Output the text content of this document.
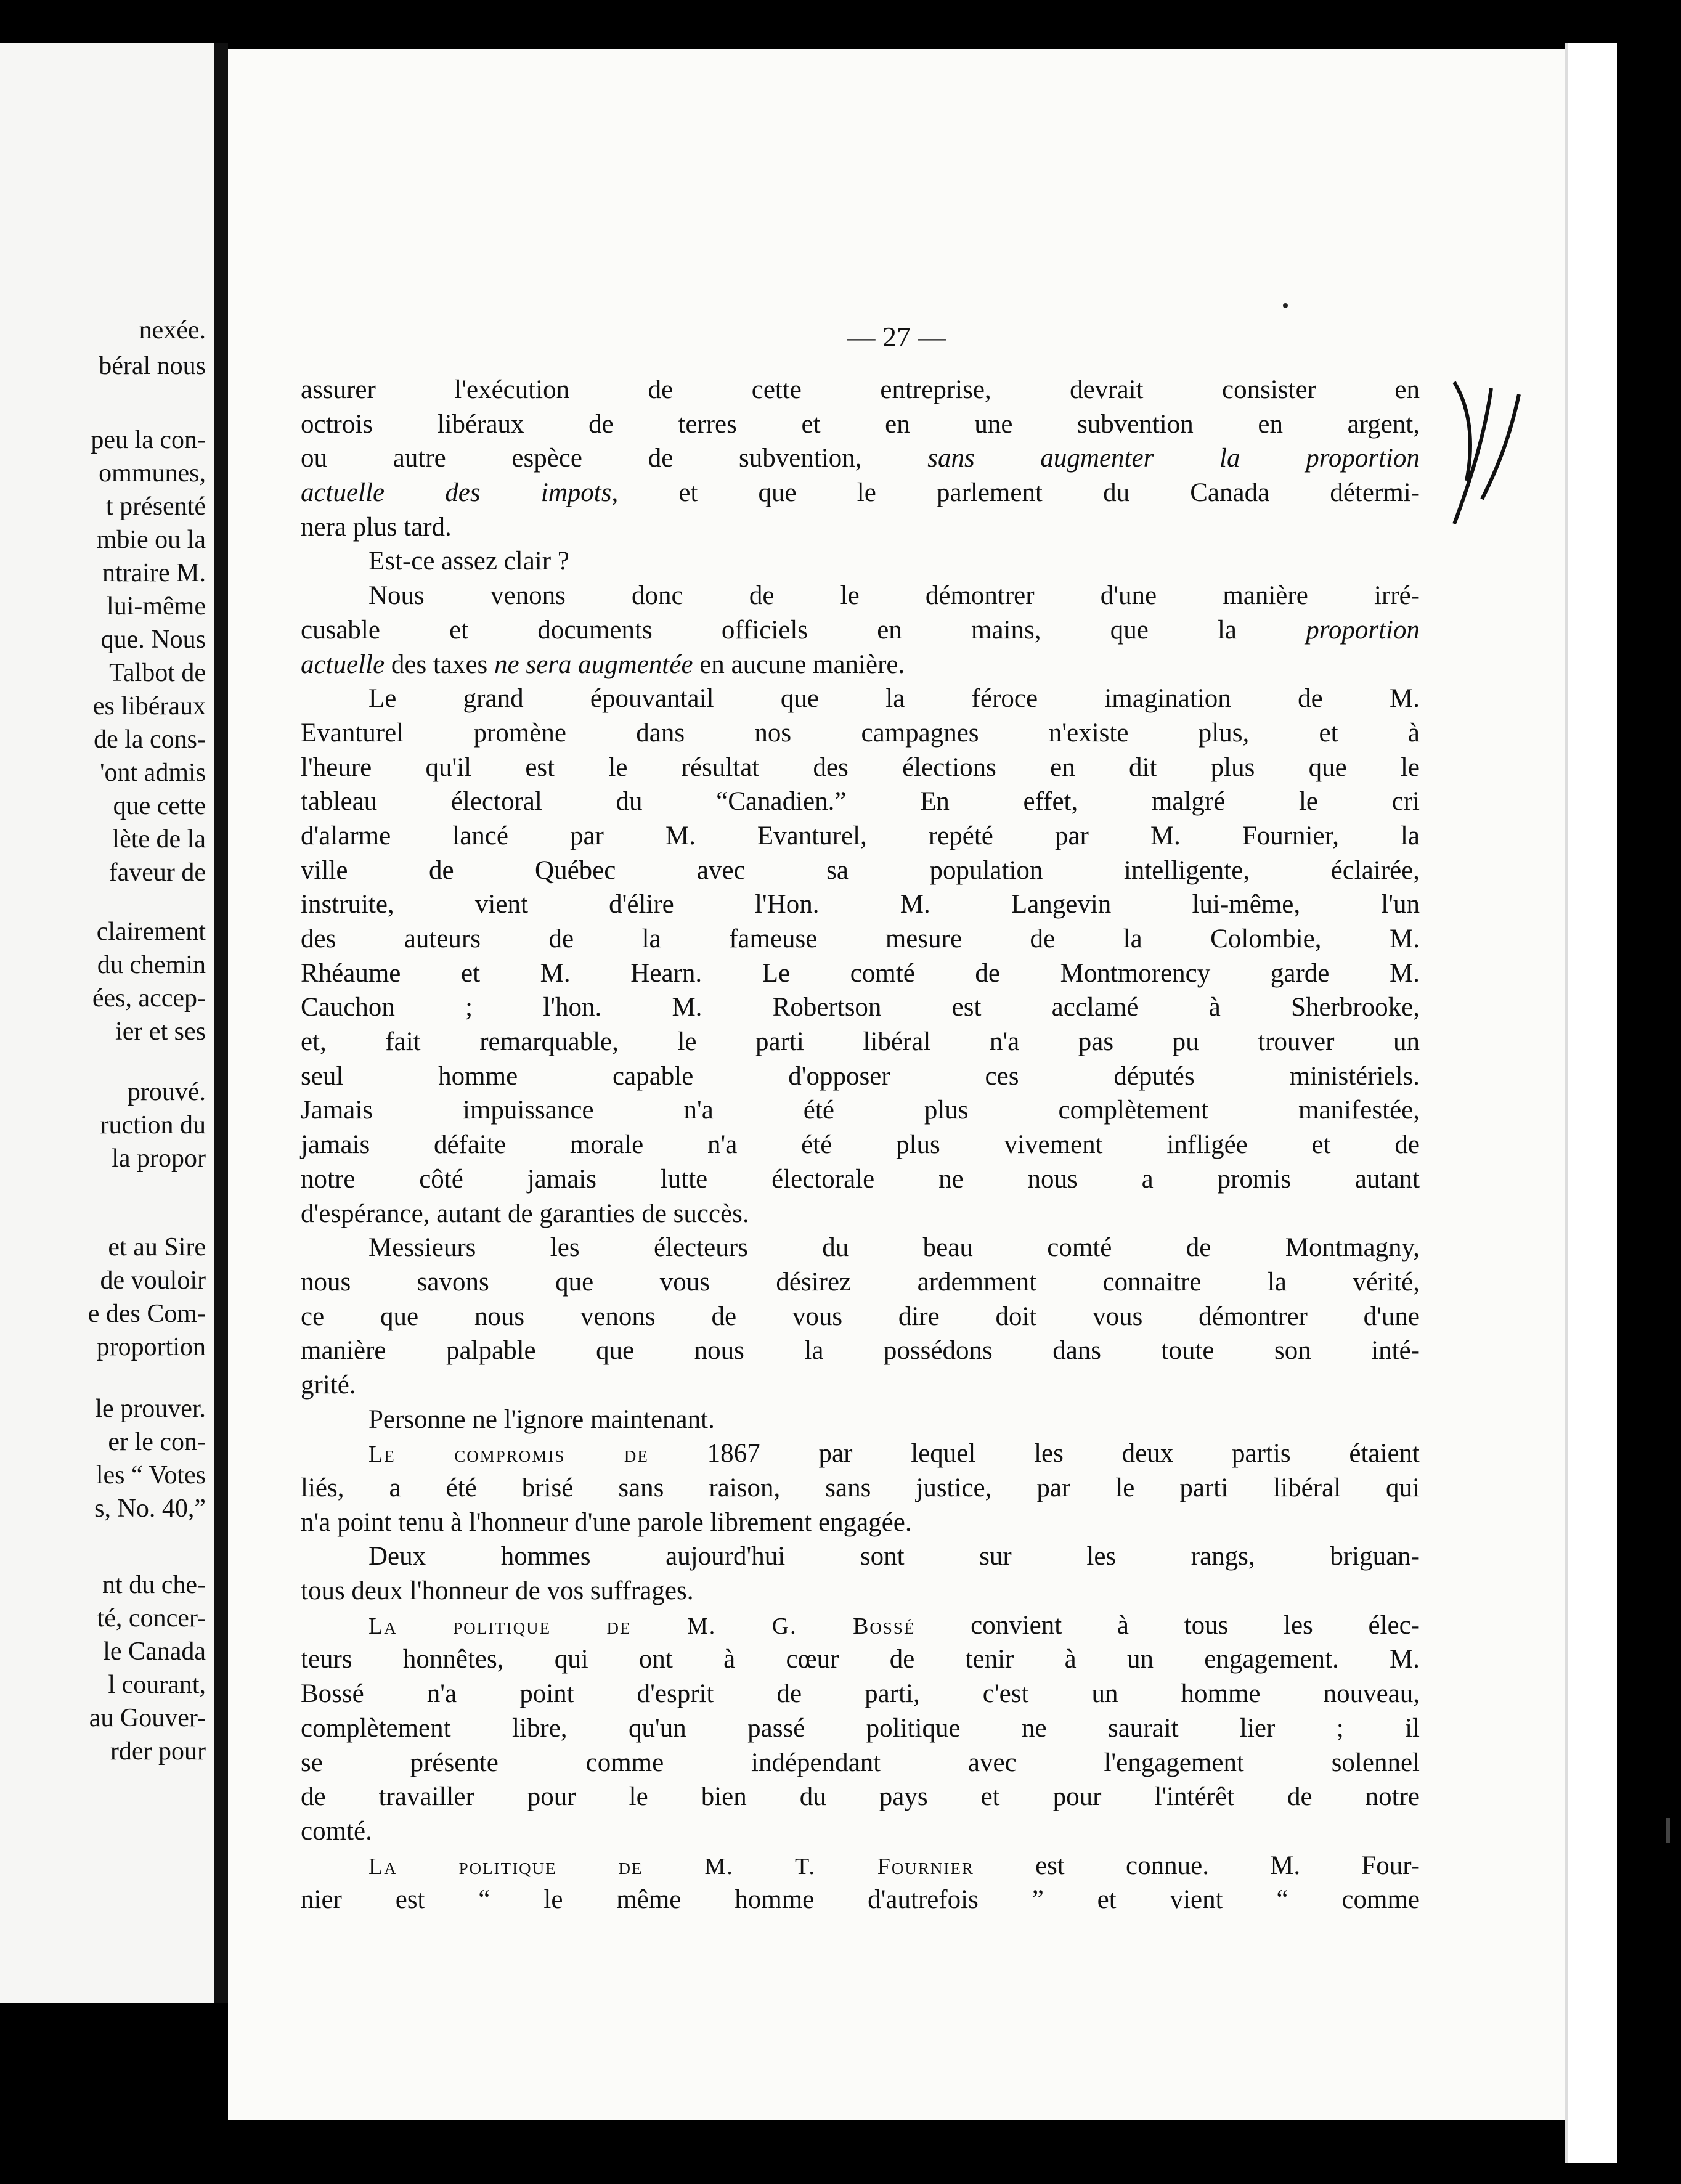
nexée.
béral nous
peu la con-
ommunes,
t présenté
mbie ou la
ntraire M.
lui-même
que. Nous
Talbot de
es libéraux
de la cons-
'ont admis
que cette
lète de la
faveur de
clairement
du chemin
ées, accep-
ier et ses
prouvé.
ruction du
la propor
et au Sire
de vouloir
e des Com-
proportion
le prouver.
er le con-
les “ Votes
s, No. 40,”
nt du che-
té, concer-
le Canada
l courant,
au Gouver-
rder pour
— 27 —
assurer l'exécution de cette entreprise, devrait consister en
octrois libéraux de terres et en une subvention en argent,
ou autre espèce de subvention, sans augmenter la proportion
actuelle des impots, et que le parlement du Canada détermi-
nera plus tard.
Est-ce assez clair ?
Nous venons donc de le démontrer d'une manière irré-
cusable et documents officiels en mains, que la proportion
actuelle des taxes ne sera augmentée en aucune manière.
Le grand épouvantail que la féroce imagination de M.
Evanturel promène dans nos campagnes n'existe plus, et à
l'heure qu'il est le résultat des élections en dit plus que le
tableau électoral du “Canadien.” En effet, malgré le cri
d'alarme lancé par M. Evanturel, repété par M. Fournier, la
ville de Québec avec sa population intelligente, éclairée,
instruite, vient d'élire l'Hon. M. Langevin lui-même, l'un
des auteurs de la fameuse mesure de la Colombie, M.
Rhéaume et M. Hearn. Le comté de Montmorency garde M.
Cauchon ; l'hon. M. Robertson est acclamé à Sherbrooke,
et, fait remarquable, le parti libéral n'a pas pu trouver un
seul homme capable d'opposer ces députés ministériels.
Jamais impuissance n'a été plus complètement manifestée,
jamais défaite morale n'a été plus vivement infligée et de
notre côté jamais lutte électorale ne nous a promis autant
d'espérance, autant de garanties de succès.
Messieurs les électeurs du beau comté de Montmagny,
nous savons que vous désirez ardemment connaitre la vérité,
ce que nous venons de vous dire doit vous démontrer d'une
manière palpable que nous la possédons dans toute son inté-
grité.
Personne ne l'ignore maintenant.
Le compromis de 1867 par lequel les deux partis étaient
liés, a été brisé sans raison, sans justice, par le parti libéral qui
n'a point tenu à l'honneur d'une parole librement engagée.
Deux hommes aujourd'hui sont sur les rangs, briguan-
tous deux l'honneur de vos suffrages.
La politique de M. G. Bossé convient à tous les élec-
teurs honnêtes, qui ont à cœur de tenir à un engagement. M.
Bossé n'a point d'esprit de parti, c'est un homme nouveau,
complètement libre, qu'un passé politique ne saurait lier ; il
se présente comme indépendant avec l'engagement solennel
de travailler pour le bien du pays et pour l'intérêt de notre
comté.
La politique de M. T. Fournier est connue. M. Four-
nier est “ le même homme d'autrefois ” et vient “ comme
